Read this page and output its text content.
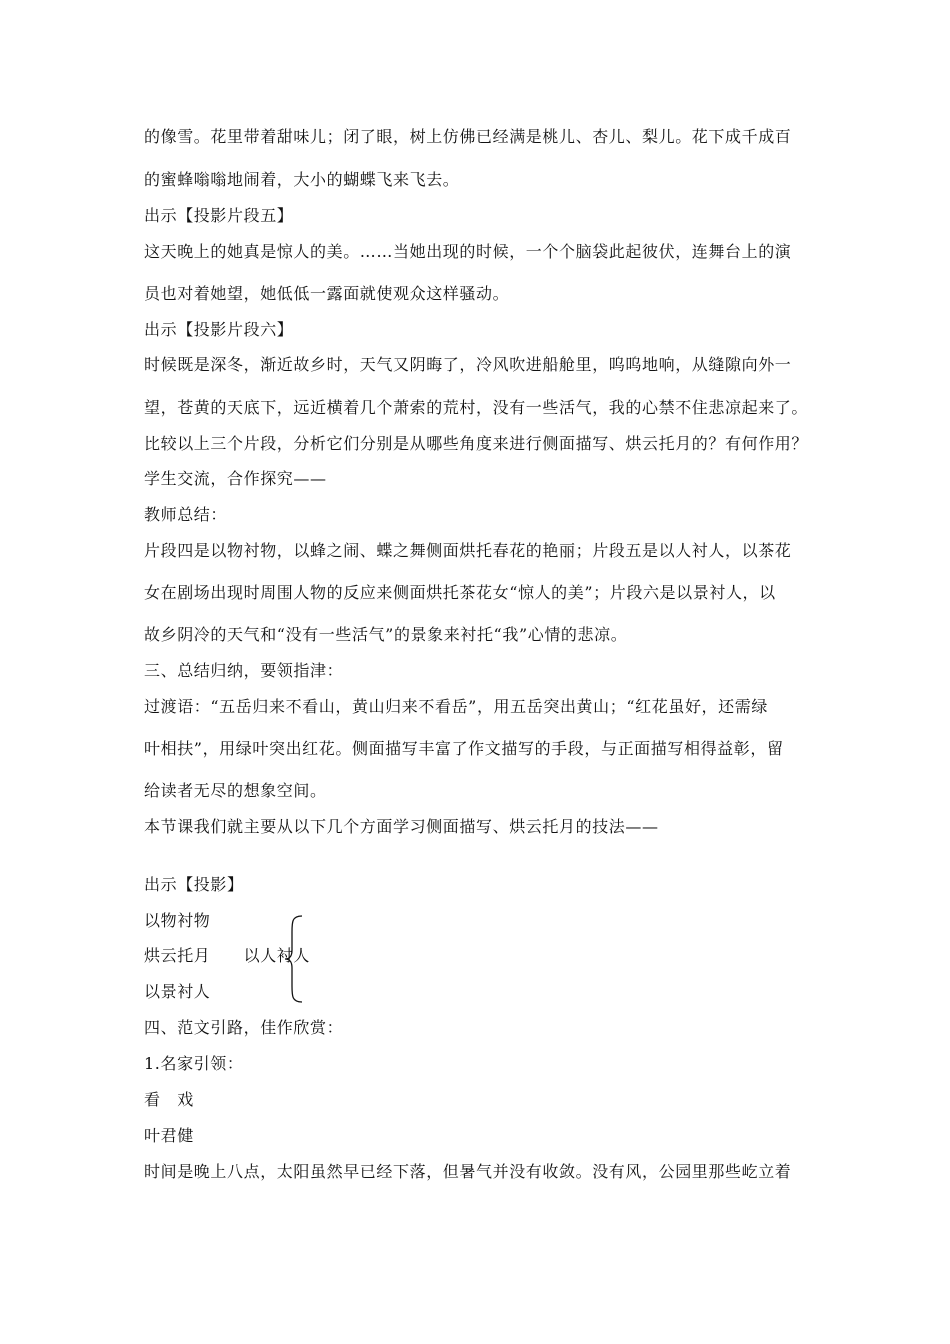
的像雪。花里带着甜味儿；闭了眼，树上仿佛已经满是桃儿、杏儿、梨儿。花下成千成百
的蜜蜂嗡嗡地闹着，大小的蝴蝶飞来飞去。
出示【投影片段五】
这天晚上的她真是惊人的美。……当她出现的时候，一个个脑袋此起彼伏，连舞台上的演
员也对着她望，她低低一露面就使观众这样骚动。
出示【投影片段六】
时候既是深冬，渐近故乡时，天气又阴晦了，冷风吹进船舱里，呜呜地响，从缝隙向外一
望，苍黄的天底下，远近横着几个萧索的荒村，没有一些活气，我的心禁不住悲凉起来了。
比较以上三个片段，分析它们分别是从哪些角度来进行侧面描写、烘云托月的？有何作用？
学生交流，合作探究——
教师总结：
片段四是以物衬物，以蜂之闹、蝶之舞侧面烘托春花的艳丽；片段五是以人衬人，以茶花
女在剧场出现时周围人物的反应来侧面烘托茶花女“惊人的美”；片段六是以景衬人，以
故乡阴冷的天气和“没有一些活气”的景象来衬托“我”心情的悲凉。
三、总结归纳，要领指津：
过渡语：“五岳归来不看山，黄山归来不看岳”，用五岳突出黄山；“红花虽好，还需绿
叶相扶”，用绿叶突出红花。侧面描写丰富了作文描写的手段，与正面描写相得益彰，留
给读者无尽的想象空间。
本节课我们就主要从以下几个方面学习侧面描写、烘云托月的技法——
出示【投影】
以物衬物
烘云托月　　以人衬人
以景衬人
四、范文引路，佳作欣赏：
1.名家引领：
看　戏
叶君健
时间是晚上八点，太阳虽然早已经下落，但暑气并没有收敛。没有风，公园里那些屹立着
